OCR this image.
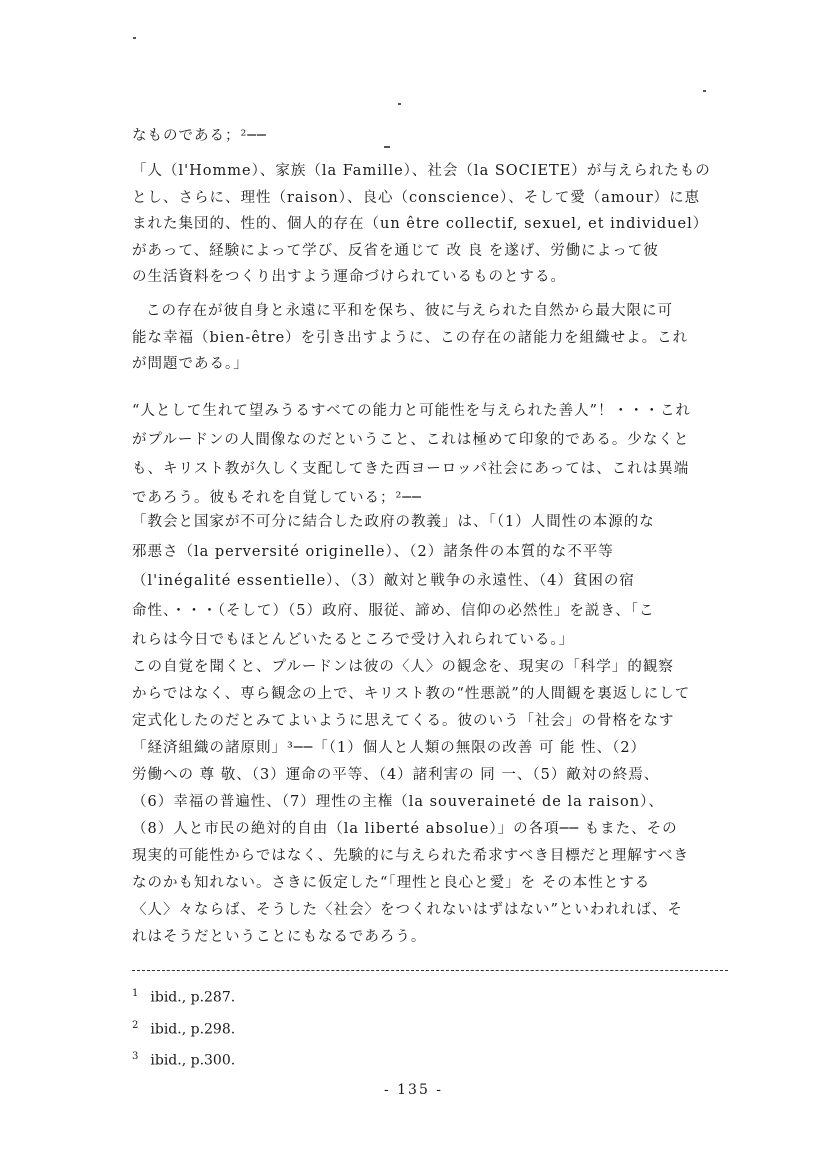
なものである；²──
「人（l'Homme）、家族（la Famille）、社会（la SOCIETE）が与えられたもの
とし、さらに、理性（raison）、良心（conscience）、そして愛（amour）に恵
まれた集団的、性的、個人的存在（un être collectif, sexuel, et individuel）
があって、経験によって学び、反省を通じて 改 良 を遂げ、労働によって彼
の生活資料をつくり出すよう運命づけられているものとする。
この存在が彼自身と永遠に平和を保ち、彼に与えられた自然から最大限に可
能な幸福（bien-être）を引き出すように、この存在の諸能力を組織せよ。これ
が問題である。」
“人として生れて望みうるすべての能力と可能性を与えられた善人”！・・・これ
がプルードンの人間像なのだということ、これは極めて印象的である。少なくと
も、キリスト教が久しく支配してきた西ヨーロッパ社会にあっては、これは異端
であろう。彼もそれを自覚している；²──
「教会と国家が不可分に結合した政府の教義」は、「（1）人間性の本源的な
邪悪さ（la perversité originelle）、（2）諸条件の本質的な不平等
（l'inégalité essentielle）、（3）敵対と戦争の永遠性、（4）貧困の宿
命性、・・・（そして）（5）政府、服従、諦め、信仰の必然性」を説き、「こ
れらは今日でもほとんどいたるところで受け入れられている。」
この自覚を聞くと、プルードンは彼の〈人〉の観念を、現実の「科学」的観察
からではなく、専ら観念の上で、キリスト教の“性悪説”的人間観を裏返しにして
定式化したのだとみてよいように思えてくる。彼のいう「社会」の骨格をなす
「経済組織の諸原則」³──「（1）個人と人類の無限の改善 可 能 性、（2）
労働への 尊 敬、（3）運命の平等、（4）諸利害の 同 一、（5）敵対の終焉、
（6）幸福の普遍性、（7）理性の主権（la souveraineté de la raison）、
（8）人と市民の絶対的自由（la liberté absolue）」の各項── もまた、その
現実的可能性からではなく、先験的に与えられた希求すべき目標だと理解すべき
なのかも知れない。さきに仮定した“「理性と良心と愛」を その本性とする
〈人〉々ならば、そうした〈社会〉をつくれないはずはない”といわれれば、そ
れはそうだということにもなるであろう。
$^1$ ibid., p.287.
$^2$ ibid., p.298.
$^3$ ibid., p.300.
- 135 -
